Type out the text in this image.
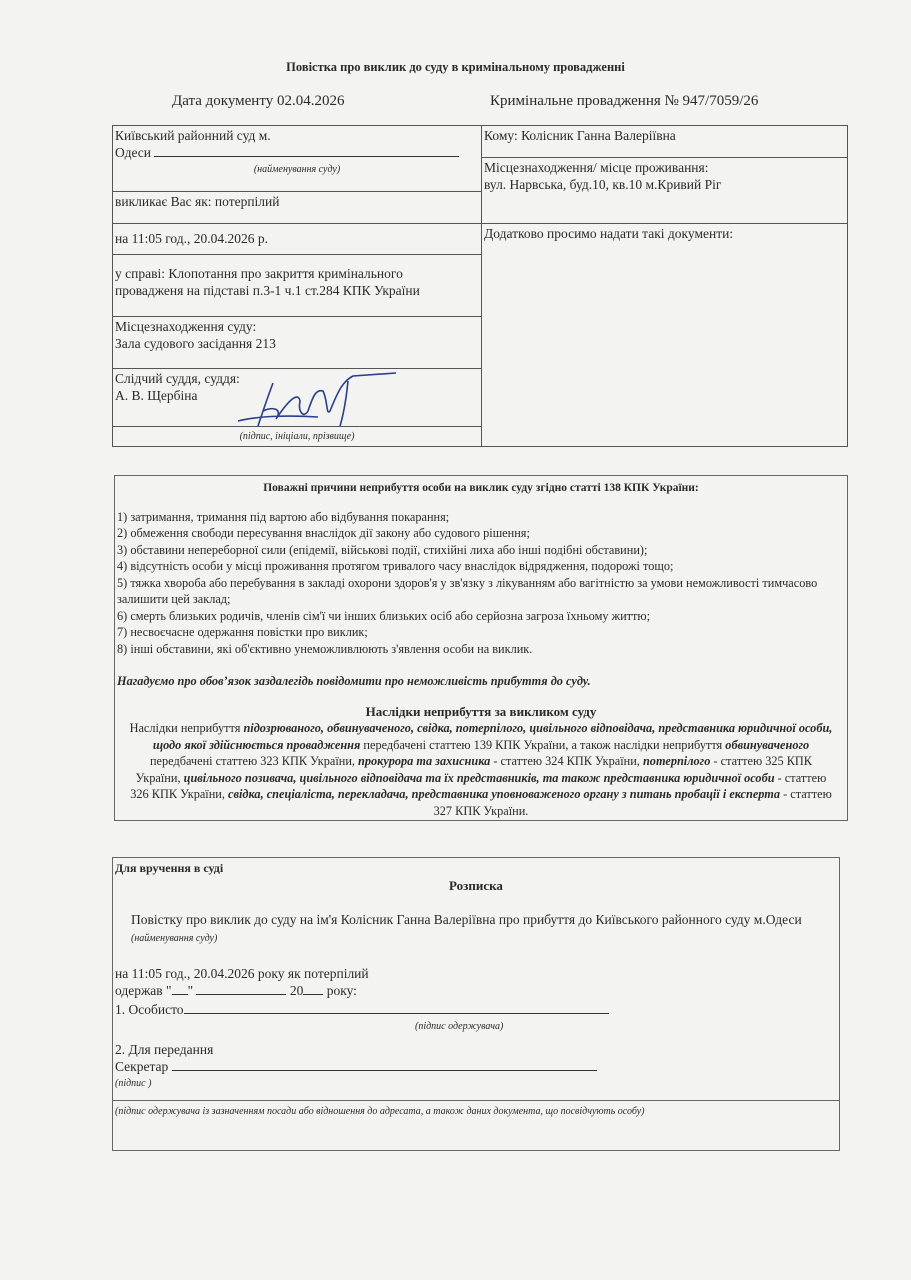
Повістка про виклик до суду в кримінальному провадженні
Дата документу 02.04.2026	Кримінальне провадження № 947/7059/26
Київський районний суд м.
Одеси
(найменування суду)	Кому: Колісник Ганна Валеріївна

	Місцезнаходження/ місце проживання:
вул. Нарвська, буд.10, кв.10 м.Кривий Ріг

викликає Вас як: потерпілий	
на 11:05 год., 20.04.2026 р.	Додатково просимо надати такі документи:

у справі: Клопотання про закриття кримінального
провадженя на підставі п.3-1 ч.1 ст.284 КПК України	

Місцезнаходження суду:
Зала судового засідання 213	

Слідчий суддя, суддя:
А. В. Щербіна	

(підпис, ініціали, прізвище)	
Поважні причини неприбуття особи на виклик суду згідно статті 138 КПК України:
1) затримання, тримання під вартою або відбування покарання;
2) обмеження свободи пересування внаслідок дії закону або судового рішення;
3) обставини непереборної сили (епідемії, військові події, стихійні лиха або інші подібні обставини);
4) відсутність особи у місці проживання протягом тривалого часу внаслідок відрядження, подорожі тощо;
5) тяжка хвороба або перебування в закладі охорони здоров'я у зв'язку з лікуванням або вагітністю за умови неможливості тимчасово залишити цей заклад;
6) смерть близьких родичів, членів сім'ї чи інших близьких осіб або серйозна загроза їхньому життю;
7) несвоєчасне одержання повістки про виклик;
8) інші обставини, які об'єктивно унеможливлюють з'явлення особи на виклик.
Нагадуємо про обов’язок заздалегідь повідомити про неможливість прибуття до суду.
Наслідки неприбуття за викликом суду
Наслідки неприбуття підозрюваного, обвинуваченого, свідка, потерпілого, цивільного відповідача, представника юридичної особи, щодо якої здійснюється провадження передбачені статтею 139 КПК України, а також наслідки неприбуття обвинуваченого передбачені статтею 323 КПК України, прокурора та захисника - статтею 324 КПК України, потерпілого - статтею 325 КПК України, цивільного позивача, цивільного відповідача та їх представників, та також представника юридичної особи - статтею 326 КПК України, свідка, спеціаліста, перекладача, представника уповноваженого органу з питань пробації і експерта - статтею 327 КПК України.
Для вручення в суді
Розписка
Повістку про виклик до суду на ім'я Колісник Ганна Валеріївна про прибуття до Київського районного суду м.Одеси
(найменування суду)
на 11:05 год., 20.04.2026 року як потерпілий
одержав " "	20 року:
1. Особисто
(підпис одержувача)
2. Для передання
Секретар
(підпис )
(підпис одержувача із зазначенням посади або відношення до адресата, а також даних документа, що посвідчують особу)
